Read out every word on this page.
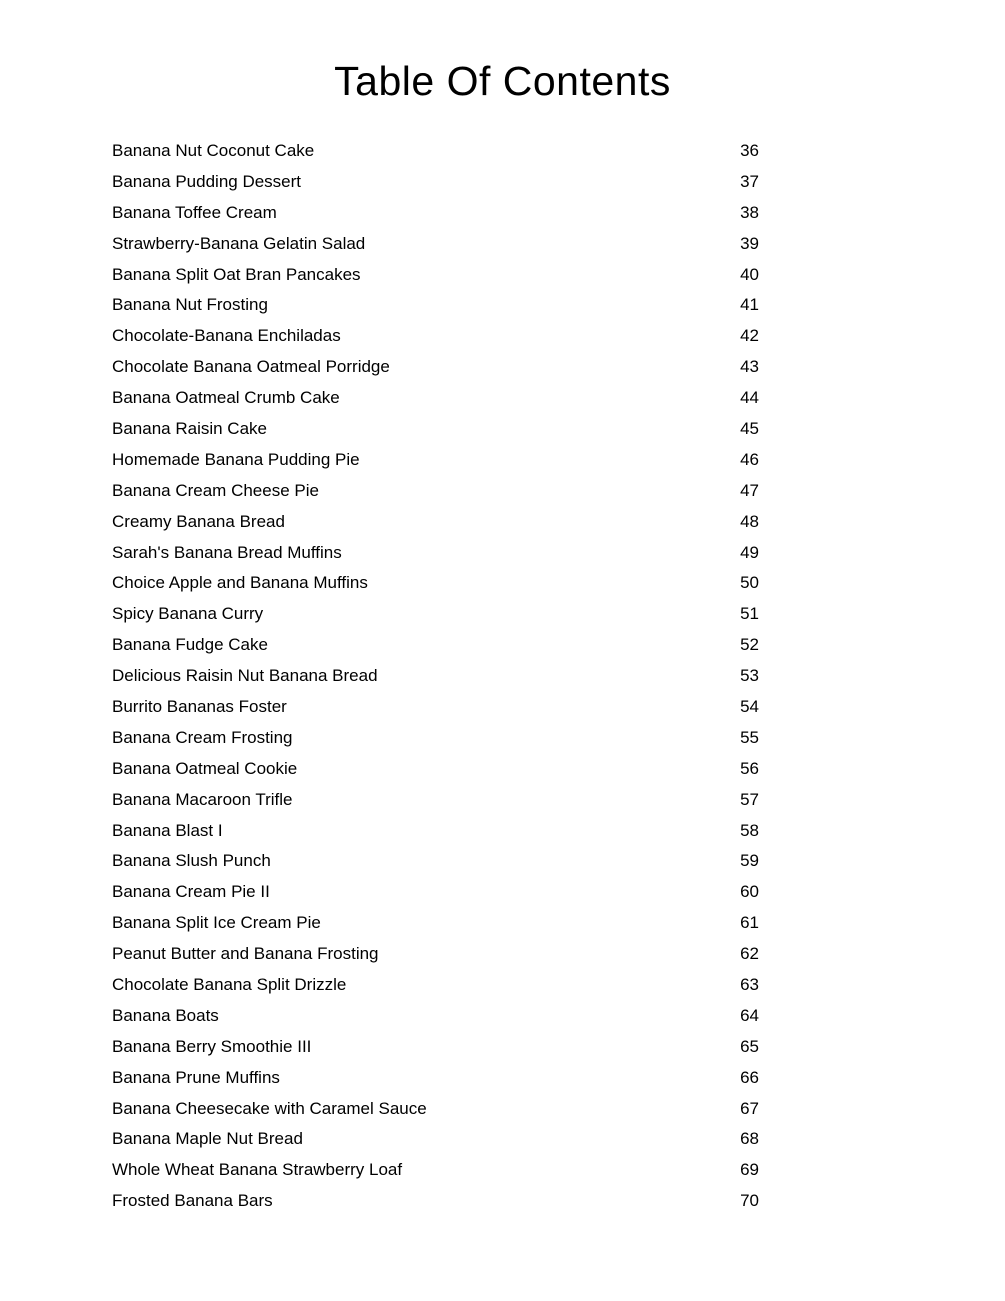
Table Of Contents
Banana Nut Coconut Cake	36
Banana Pudding Dessert	37
Banana Toffee Cream	38
Strawberry-Banana Gelatin Salad	39
Banana Split Oat Bran Pancakes	40
Banana Nut Frosting	41
Chocolate-Banana Enchiladas	42
Chocolate Banana Oatmeal Porridge	43
Banana Oatmeal Crumb Cake	44
Banana Raisin Cake	45
Homemade Banana Pudding Pie	46
Banana Cream Cheese Pie	47
Creamy Banana Bread	48
Sarah's Banana Bread Muffins	49
Choice Apple and Banana Muffins	50
Spicy Banana Curry	51
Banana Fudge Cake	52
Delicious Raisin Nut Banana Bread	53
Burrito Bananas Foster	54
Banana Cream Frosting	55
Banana Oatmeal Cookie	56
Banana Macaroon Trifle	57
Banana Blast I	58
Banana Slush Punch	59
Banana Cream Pie II	60
Banana Split Ice Cream Pie	61
Peanut Butter and Banana Frosting	62
Chocolate Banana Split Drizzle	63
Banana Boats	64
Banana Berry Smoothie III	65
Banana Prune Muffins	66
Banana Cheesecake with Caramel Sauce	67
Banana Maple Nut Bread	68
Whole Wheat Banana Strawberry Loaf	69
Frosted Banana Bars	70
